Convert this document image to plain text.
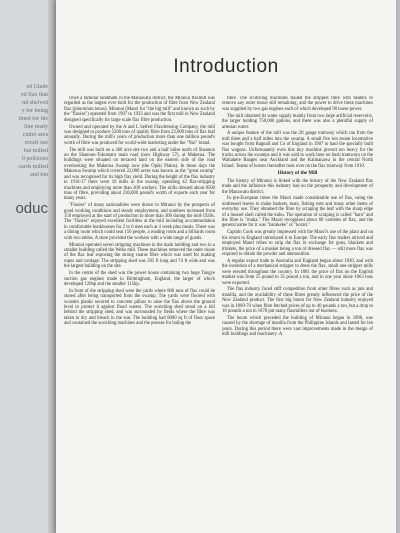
ed Glade
ed flax that
nd shelved
y for being
lmed for the
line ready
cutter area
ecraft use
bat milled
0 pollsions
cards milled
and bin
oduc
Introduction

Once a familiar landmark in the Manawatu district, the Miranui flaxmill was regarded as the largest ever built for the production of fibre from New Zealand flax (phormium tenax). Miranui (Maori for "the big mill" and known as such by the "flaxies") operated from 1907 to 1933 and was the first mill in New Zealand designed specifically for large scale flax fibre production.

Owned and operated by the A and L Seifert Flaxdressing Company, the mill was designed to produce 5200 tons of quality fibre from 22,000 tons of flax leaf annually. During the mill's years of production more than one million pound's worth of fibre was produced for world-wide marketing under the "Nui" brand.

The mill was built on a 360 acre site two and a half miles north of Shannon on the Shannon-Tokomaru main road (now Highway 57), at Makerua. The buildings were situated on terraced land on the eastern side of the road overlooking the Makerua Swamp now (the Opiki Plains). In those days the Makerua Swamp which covered 22,000 acres was known as the "great swamp" and was recognised for its high flax yield. During the height of the flax industry in 1916-17 there were 10 mills in the swamp, operating 42 flax-stripping machines and employing more than 300 workers. The mills dressed about 8500 tons of fibre, providing about 230,000 pound's worth of exports each year for many years.

"Flaxies" of many nationalities were drawn to Miranui by the prospects of good working conditions and steady employment, and numbers increased from 150 employed at the start of production to more than 300 during the mid-1920s. The "flaxies" enjoyed excellent facilities at the mill including accommodation in comfortable bunkhouses for 2 to 6 men each at 4 week plus meals. There was a dining room which could seat 150 people, a reading room and a billiards room with two tables. A store provided the workers with a wide range of goods.

Miranui operated seven stripping machines in the main building and two in a smaller building called the Weko mill. These machines removed the outer tissue of the flax leaf exposing the strong coarse fibre which was used for making ropes and cordage. The stripping shed was 205 ft long and 74 ft wide and was the largest building on the site.

In the centre of the shed was the power house containing two huge Tangye suction gas engines made in Birmingham, England, the larger of which developed 120hp and the smaller 115hp.

In front of the stripping shed were the yards where 800 tons of flax could be stored after being transported from the swamp. The yards were floored with wooden planks secured to concrete pillars to raise the flax above the ground level to protect it against flood waters. The scutching shed stood on a hill behind the stripping shed, and was surrounded by fields where the fibre was taken to dry and bleach in the sun. The building had 8000 sq ft of floor space and contained the scutching machines and the presses for baling the

fibre. The scutching machines flailed the stripped fibre with beaters to remove any outer tissue still remaining, and the power to drive these machines was supplied by two gas engines each of which developed 90 horse power.

The mill obtained its water supply mainly from two large artificial reservoirs, the larger holding 750,000 gallons, and there was also a plentiful supply of artesian water.

A unique feature of the mill was the 2ft gauge tramway which ran from the mill three and a half miles into the swamp. A small five ton steam locomotive was bought from Bagnall and Co of England in 1907 to haul the specially built flax wagons. Unfortunately even this tiny machine proved too heavy for the tracks across the swamps and it was sold to work later on bush tramways on the Waitakere Ranges near Auckland and the Kaimanawa in the central North Island. Teams of horses thereafter took over on the flax tramway from 1910.

History of the Mill

The history of Miranui is linked with the history of the New Zealand flax trade and the influence this industry had on the prosperity and development of the Manawatu district.

In pre-European times the Maori made considerable use of flax, using the undressed leaves to make baskets, mats, fishing nets and many other items of everyday use. They obtained the fibre by scraping the leaf with the sharp edge of a mussel shell called the kuku. The operation of scraping is called "haro" and the fibre is "muka." The Maori recognised about 60 varieties of flax, and the general name for it was "harakeke" or "korari."

Captain Cook was greatly impressed with the Maori's use of the plant and on his return to England introduced it to Europe. The early flax traders arrived and employed Maori tribes to strip the flax in exchange for guns, blankets and trinkets, the price of a musket being a ton of dressed flax — still more flax was required to obtain the powder and ammunition.

A regular export trade to Australia and England began about 1830, and with the invention of a mechanical stripper to dress the flax, small one-stripper mills were erected throughout the country. In 1881 the price of flax on the English market was from 25 pound to 35 pound a ton, and in one year alone 1063 tons were exported.

The flax industry faced stiff competition from other fibres such as jute and manilla, and the availability of these fibres greatly influenced the price of the New Zealand product. The first big boom for New Zealand industry enjoyed was in 1869-70 when fibre fetched prices of up to 40 pounds a ton, but a drop to 18 pounds a ton in 1870 put many flaxmillers out of business.

The boom which preceded the building of Miranui began in 1898, was caused by the shortage of manilla from the Philippine Islands and lasted for ten years. During this period there were vast improvements made in the design of mill buildings and machinery. A
